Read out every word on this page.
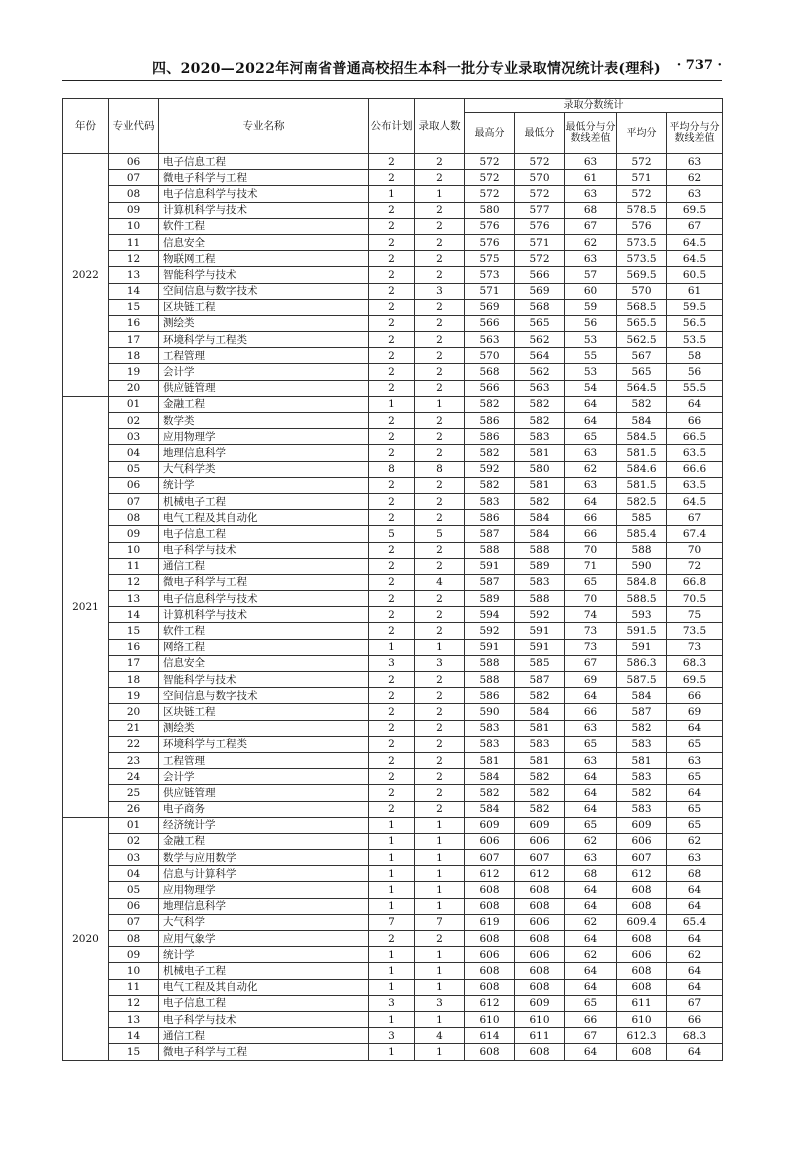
四、2020—2022年河南省普通高校招生本科一批分专业录取情况统计表(理科) · 737 ·
年份	专业代码	专业名称	公布计划	录取人数	录取分数统计				
					最高分	最低分	最低分与分数线差值	平均分	平均分与分数线差值
2022	06	电子信息工程	2	2	572	572	63	572	63
	07	微电子科学与工程	2	2	572	570	61	571	62
	08	电子信息科学与技术	1	1	572	572	63	572	63
	09	计算机科学与技术	2	2	580	577	68	578.5	69.5
	10	软件工程	2	2	576	576	67	576	67
	11	信息安全	2	2	576	571	62	573.5	64.5
	12	物联网工程	2	2	575	572	63	573.5	64.5
	13	智能科学与技术	2	2	573	566	57	569.5	60.5
	14	空间信息与数字技术	2	3	571	569	60	570	61
	15	区块链工程	2	2	569	568	59	568.5	59.5
	16	测绘类	2	2	566	565	56	565.5	56.5
	17	环境科学与工程类	2	2	563	562	53	562.5	53.5
	18	工程管理	2	2	570	564	55	567	58
	19	会计学	2	2	568	562	53	565	56
	20	供应链管理	2	2	566	563	54	564.5	55.5
2021	01	金融工程	1	1	582	582	64	582	64
	02	数学类	2	2	586	582	64	584	66
	03	应用物理学	2	2	586	583	65	584.5	66.5
	04	地理信息科学	2	2	582	581	63	581.5	63.5
	05	大气科学类	8	8	592	580	62	584.6	66.6
	06	统计学	2	2	582	581	63	581.5	63.5
	07	机械电子工程	2	2	583	582	64	582.5	64.5
	08	电气工程及其自动化	2	2	586	584	66	585	67
	09	电子信息工程	5	5	587	584	66	585.4	67.4
	10	电子科学与技术	2	2	588	588	70	588	70
	11	通信工程	2	2	591	589	71	590	72
	12	微电子科学与工程	2	4	587	583	65	584.8	66.8
	13	电子信息科学与技术	2	2	589	588	70	588.5	70.5
	14	计算机科学与技术	2	2	594	592	74	593	75
	15	软件工程	2	2	592	591	73	591.5	73.5
	16	网络工程	1	1	591	591	73	591	73
	17	信息安全	3	3	588	585	67	586.3	68.3
	18	智能科学与技术	2	2	588	587	69	587.5	69.5
	19	空间信息与数字技术	2	2	586	582	64	584	66
	20	区块链工程	2	2	590	584	66	587	69
	21	测绘类	2	2	583	581	63	582	64
	22	环境科学与工程类	2	2	583	583	65	583	65
	23	工程管理	2	2	581	581	63	581	63
	24	会计学	2	2	584	582	64	583	65
	25	供应链管理	2	2	582	582	64	582	64
	26	电子商务	2	2	584	582	64	583	65
2020	01	经济统计学	1	1	609	609	65	609	65
	02	金融工程	1	1	606	606	62	606	62
	03	数学与应用数学	1	1	607	607	63	607	63
	04	信息与计算科学	1	1	612	612	68	612	68
	05	应用物理学	1	1	608	608	64	608	64
	06	地理信息科学	1	1	608	608	64	608	64
	07	大气科学	7	7	619	606	62	609.4	65.4
	08	应用气象学	2	2	608	608	64	608	64
	09	统计学	1	1	606	606	62	606	62
	10	机械电子工程	1	1	608	608	64	608	64
	11	电气工程及其自动化	1	1	608	608	64	608	64
	12	电子信息工程	3	3	612	609	65	611	67
	13	电子科学与技术	1	1	610	610	66	610	66
	14	通信工程	3	4	614	611	67	612.3	68.3
	15	微电子科学与工程	1	1	608	608	64	608	64
